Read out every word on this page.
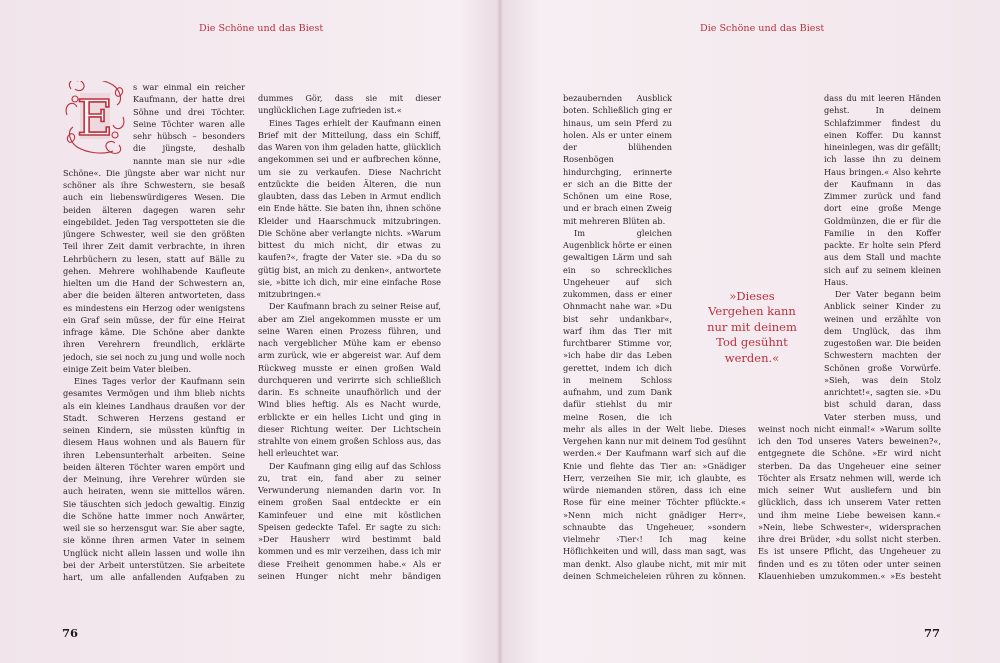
Die Schöne und das Biest
E

s war einmal ein reicher Kaufmann, der hatte drei Söhne und drei Töchter. Seine Töchter waren alle sehr hübsch – besonders die jüngste, deshalb nannte man sie nur »die Schöne«. Die jüngste aber war nicht nur schöner als ihre Schwestern, sie besaß auch ein liebenswürdigeres Wesen. Die beiden älteren dagegen waren sehr eingebildet. Jeden Tag verspotteten sie die jüngere Schwester, weil sie den größten Teil ihrer Zeit damit verbrachte, in ihren Lehrbüchern zu lesen, statt auf Bälle zu gehen. Mehrere wohlhabende Kaufleute hielten um die Hand der Schwestern an, aber die beiden älteren antworteten, dass es mindestens ein Herzog oder wenigstens ein Graf sein müsse, der für eine Heirat infrage käme. Die Schöne aber dankte ihren Verehrern freundlich, erklärte jedoch, sie sei noch zu jung und wolle noch einige Zeit beim Vater bleiben.

Eines Tages verlor der Kaufmann sein gesamtes Vermögen und ihm blieb nichts als ein kleines Landhaus draußen vor der Stadt. Schweren Herzens gestand er seinen Kindern, sie müssten künftig in diesem Haus wohnen und als Bauern für ihren Lebensunterhalt arbeiten. Seine beiden älteren Töchter waren empört und der Meinung, ihre Verehrer würden sie auch heiraten, wenn sie mittellos wären. Sie täuschten sich jedoch gewaltig. Einzig die Schöne hatte immer noch Anwärter, weil sie so herzensgut war. Sie aber sagte, sie könne ihren armen Vater in seinem Unglück nicht allein lassen und wolle ihn bei der Arbeit unterstützen. Sie arbeitete hart, um alle anfallenden Aufgaben zu

dummes Gör, dass sie mit dieser unglücklichen Lage zufrieden ist.«

Eines Tages erhielt der Kaufmann einen Brief mit der Mitteilung, dass ein Schiff, das Waren von ihm geladen hatte, glücklich angekommen sei und er aufbrechen könne, um sie zu verkaufen. Diese Nachricht entzückte die beiden Älteren, die nun glaubten, dass das Leben in Armut endlich ein Ende hätte. Sie baten ihn, ihnen schöne Kleider und Haarschmuck mitzubringen. Die Schöne aber verlangte nichts. »Warum bittest du mich nicht, dir etwas zu kaufen?«, fragte der Vater sie. »Da du so gütig bist, an mich zu denken«, antwortete sie, »bitte ich dich, mir eine einfache Rose mitzubringen.«

Der Kaufmann brach zu seiner Reise auf, aber am Ziel angekommen musste er um seine Waren einen Prozess führen, und nach vergeblicher Mühe kam er ebenso arm zurück, wie er abgereist war. Auf dem Rückweg musste er einen großen Wald durchqueren und verirrte sich schließlich darin. Es schneite unaufhörlich und der Wind blies heftig. Als es Nacht wurde, erblickte er ein helles Licht und ging in dieser Richtung weiter. Der Lichtschein strahlte von einem großen Schloss aus, das hell erleuchtet war.

Der Kaufmann ging eilig auf das Schloss zu, trat ein, fand aber zu seiner Verwunderung niemanden darin vor. In einem großen Saal entdeckte er ein Kaminfeuer und eine mit köstlichen Speisen gedeckte Tafel. Er sagte zu sich: »Der Hausherr wird bestimmt bald kommen und es mir verzeihen, dass ich mir diese Freiheit genommen habe.« Als er seinen Hunger nicht mehr bändigen

76
Die Schöne und das Biest

bezaubernden Ausblick boten. Schließlich ging er hinaus, um sein Pferd zu holen. Als er unter einem der blühenden Rosenbögen hindurchging, erinnerte er sich an die Bitte der Schönen um eine Rose, und er brach einen Zweig mit mehreren Blüten ab.

Im gleichen Augenblick hörte er einen gewaltigen Lärm und sah ein so schreckliches Ungeheuer auf sich zukommen, dass er einer Ohnmacht nahe war. »Du bist sehr undankbar«, warf ihm das Tier mit furchtbarer Stimme vor, »ich habe dir das Leben gerettet, indem ich dich in meinem Schloss aufnahm, und zum Dank dafür stiehlst du mir meine Rosen, die ich mehr als alles in der Welt liebe. Dieses Vergehen kann nur mit deinem Tod gesühnt werden.« Der Kaufmann warf sich auf die Knie und flehte das Tier an: »Gnädiger Herr, verzeihen Sie mir, ich glaubte, es würde niemanden stören, dass ich eine Rose für eine meiner Töchter pflückte.« »Nenn mich nicht gnädiger Herr«, schnaubte das Ungeheuer, »sondern vielmehr ›Tier‹! Ich mag keine Höflichkeiten und will, dass man sagt, was man denkt. Also glaube nicht, mit mir mit deinen Schmeicheleien rühren zu können.

dass du mit leeren Händen gehst. In deinem Schlafzimmer findest du einen Koffer. Du kannst hineinlegen, was dir gefällt; ich lasse ihn zu deinem Haus bringen.« Also kehrte der Kaufmann in das Zimmer zurück und fand dort eine große Menge Goldmünzen, die er für die Familie in den Koffer packte. Er holte sein Pferd aus dem Stall und machte sich auf zu seinem kleinen Haus.

Der Vater begann beim Anblick seiner Kinder zu weinen und erzählte von dem Unglück, das ihm zugestoßen war. Die beiden Schwestern machten der Schönen große Vorwürfe. »Sieh, was dein Stolz anrichtet!«, sagten sie. »Du bist schuld daran, dass Vater sterben muss, und weinst noch nicht einmal!« »Warum sollte ich den Tod unseres Vaters beweinen?«, entgegnete die Schöne. »Er wird nicht sterben. Da das Ungeheuer eine seiner Töchter als Ersatz nehmen will, werde ich mich seiner Wut ausliefern und bin glücklich, dass ich unserem Vater retten und ihm meine Liebe beweisen kann.« »Nein, liebe Schwester«, widersprachen ihre drei Brüder, »du sollst nicht sterben. Es ist unsere Pflicht, das Ungeheuer zu finden und es zu töten oder unter seinen Klauenhieben umzukommen.« »Es besteht

»Dieses
Vergehen kann
nur mit deinem
Tod gesühnt
werden.«
77
